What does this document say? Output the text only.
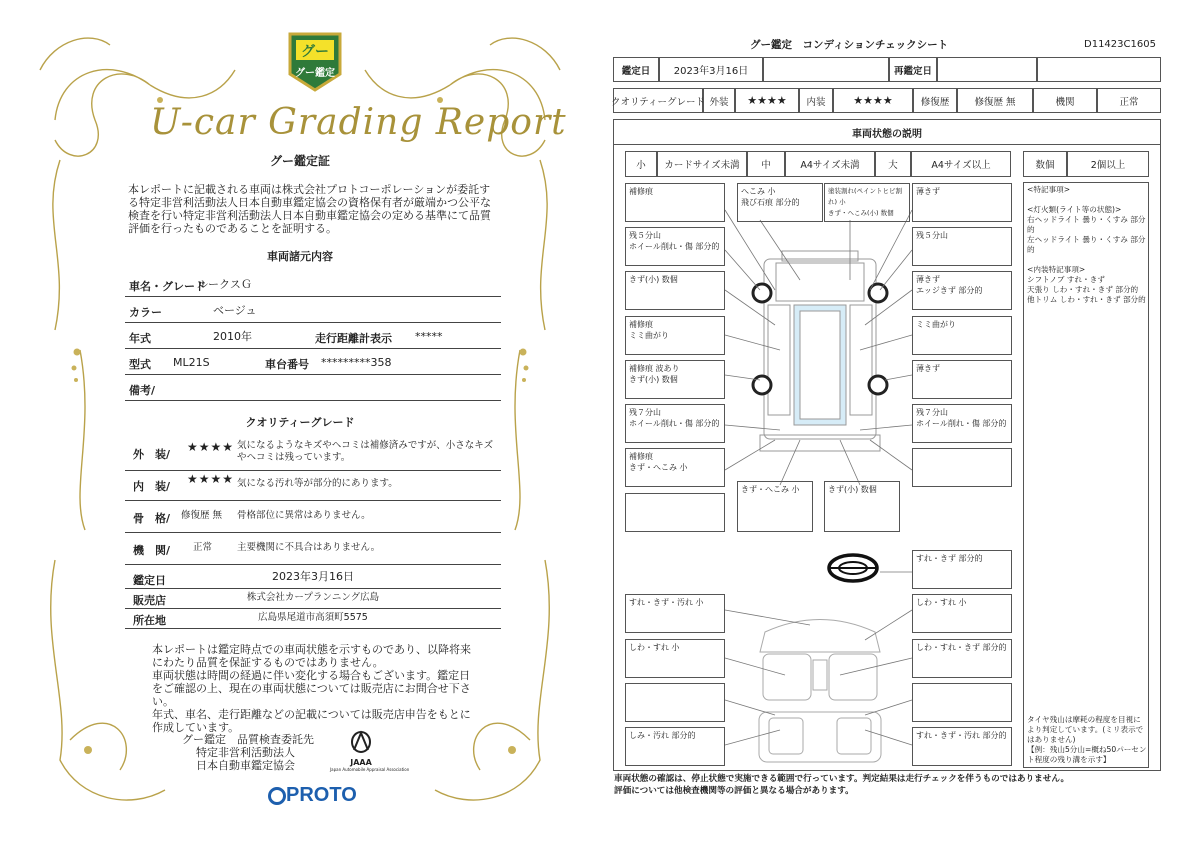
グー
グー鑑定
U-car Grading Report
グー鑑定証
本レポートに記載される車両は株式会社プロトコーポレーションが委託する特定非営利活動法人日本自動車鑑定協会の資格保有者が厳端かつ公平な検査を行い特定非営利活動法人日本自動車鑑定協会の定める基準にて品質評価を行ったものであることを証明する。
車両諸元内容
車名・グレード
ルークスＧ
カラー	ベージュ
年式	2010年	走行距離計表示 *****
型式 ML21S	車台番号 *********358
備考/
クオリティーグレード
外　装/
★★★★ 気になるようなキズやヘコミは補修済みですが、小さなキズやヘコミは残っています。
内　装/
★★★★ 気になる汚れ等が部分的にあります。
骨　格/ 修復歴 無 骨格部位に異常はありません。
機　関/ 正常	主要機関に不具合はありません。
鑑定日	2023年3月16日
販売店	株式会社カープランニング広島
所在地	広島県尾道市高須町5575
本レポートは鑑定時点での車両状態を示すものであり、以降将来にわたり品質を保証するものではありません。
車両状態は時間の経過に伴い変化する場合もございます。鑑定日をご確認の上、現在の車両状態については販売店にお問合せ下さい。
年式、車名、走行距離などの記載については販売店申告をもとに作成しています。
グー鑑定　品質検査委託先
特定非営利活動法人
日本自動車鑑定協会	JAAA
Japan Automobile Appraisal Association
PROTO
グー鑑定　コンディションチェックシート	D11423C1605
鑑定日	2023年3月16日	再鑑定日
クオリティーグレード 外装	★★★★	内装	★★★★	修復歴	修復歴 無	機関	正常
車両状態の説明
小	カードサイズ未満	中	A4サイズ未満	大	A4サイズ以上	数個	2個以上
<特記事項>

<灯火類(ライト等の状態)>
右ヘッドライト 曇り・くすみ 部分的
左ヘッドライト 曇り・くすみ 部分的

<内装特記事項>
シフトノブ すれ・きず
天張り しわ・すれ・きず 部分的
他トリム しわ・すれ・きず 部分的
タイヤ残山は摩耗の程度を目視により判定しています。(ミリ表示ではありません)
【例：残山5分山=概ね50パーセント程度の残り溝を示す】
補修痕
残５分山
ホイール削れ・傷 部分的
きず(小) 数個
補修痕
ミミ曲がり
補修痕 波あり
きず(小) 数個
残７分山
ホイール削れ・傷 部分的
補修痕
きず・へこみ 小
へこみ 小
飛び石痕 部分的
塗装割れ(ペイントヒビ割れ) 小
きず・へこみ(小) 数個
薄きず
残５分山
薄きず
エッジきず 部分的
ミミ曲がり
薄きず
残７分山
ホイール削れ・傷 部分的
きず・へこみ 小	きず(小) 数個
すれ・きず 部分的
すれ・きず・汚れ 小
しわ・すれ 小
しみ・汚れ 部分的
しわ・すれ 小
しわ・すれ・きず 部分的
すれ・きず・汚れ 部分的
車両状態の確認は、停止状態で実施できる範囲で行っています。判定結果は走行チェックを伴うものではありません。
評価については他検査機関等の評価と異なる場合があります。
